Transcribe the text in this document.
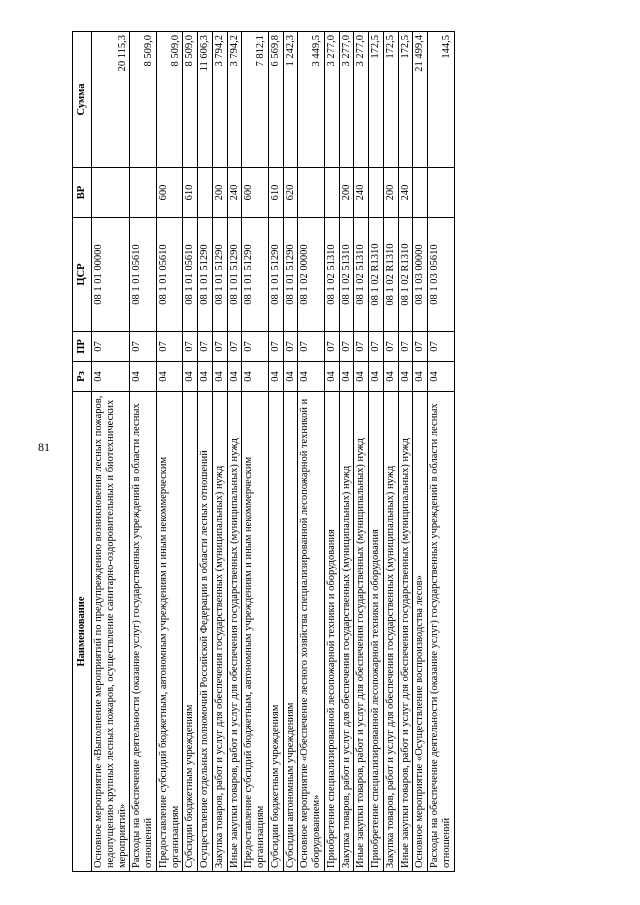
81
Наименование	Рз	ПР	ЦСР	ВР	Сумма
Основное мероприятие «Выполнение мероприятий по предупреждению возникновения лесных пожаров, недопущению крупных лесных пожаров, осуществление санитарно-оздоровительных и биотехнических мероприятий»	04	07	08 1 01 00000		20 115,3
Расходы на обеспечение деятельности (оказание услуг) государственных учреждений в области лесных отношений	04	07	08 1 01 05610		8 509,0
Предоставление субсидий бюджетным, автономным учреждениям и иным некоммерческим организациям	04	07	08 1 01 05610	600	8 509,0
Субсидии бюджетным учреждениям	04	07	08 1 01 05610	610	8 509,0
Осуществление отдельных полномочий Российской Федерации в области лесных отношений	04	07	08 1 01 51290		11 606,3
Закупка товаров, работ и услуг для обеспечения государственных (муниципальных) нужд	04	07	08 1 01 51290	200	3 794,2
Иные закупки товаров, работ и услуг для обеспечения государственных (муниципальных) нужд	04	07	08 1 01 51290	240	3 794,2
Предоставление субсидий бюджетным, автономным учреждениям и иным некоммерческим организациям	04	07	08 1 01 51290	600	7 812,1
Субсидии бюджетным учреждениям	04	07	08 1 01 51290	610	6 569,8
Субсидии автономным учреждениям	04	07	08 1 01 51290	620	1 242,3
Основное мероприятие «Обеспечение лесного хозяйства специализированной лесопожарной техникой и оборудованием»	04	07	08 1 02 00000		3 449,5
Приобретение специализированной лесопожарной техники и оборудования	04	07	08 1 02 51310		3 277,0
Закупка товаров, работ и услуг для обеспечения государственных (муниципальных) нужд	04	07	08 1 02 51310	200	3 277,0
Иные закупки товаров, работ и услуг для обеспечения государственных (муниципальных) нужд	04	07	08 1 02 51310	240	3 277,0
Приобретение специализированной лесопожарной техники и оборудования	04	07	08 1 02 R1310		172,5
Закупка товаров, работ и услуг для обеспечения государственных (муниципальных) нужд	04	07	08 1 02 R1310	200	172,5
Иные закупки товаров, работ и услуг для обеспечения государственных (муниципальных) нужд	04	07	08 1 02 R1310	240	172,5
Основное мероприятие «Осуществление воспроизводства лесов»	04	07	08 1 03 00000		21 499,4
Расходы на обеспечение деятельности (оказание услуг) государственных учреждений в области лесных отношений	04	07	08 1 03 05610		144,5
